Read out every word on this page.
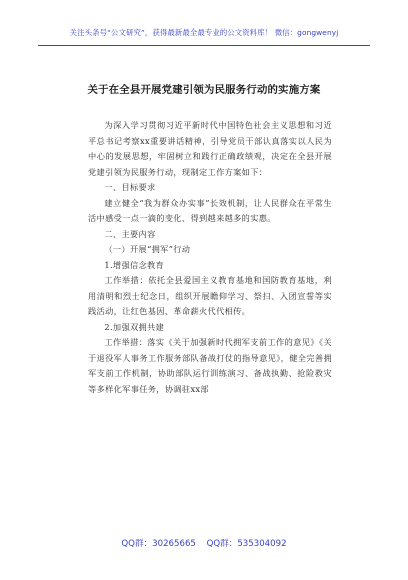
关注头条号“公文研究”，获得最新最全最专业的公文资料库！ 微信：gongwenyj
关于在全县开展党建引领为民服务行动的实施方案

为深入学习贯彻习近平新时代中国特色社会主义思想和习近平总书记考察xx重要讲话精神，引导党员干部认真落实以人民为中心的发展思想，牢固树立和践行正确政绩观，决定在全县开展党建引领为民服务行动，现制定工作方案如下：

一、目标要求

建立健全“我为群众办实事”长效机制，让人民群众在平常生活中感受一点一滴的变化、得到越来越多的实惠。

二、主要内容

（一）开展“拥军”行动

1.增强信念教育

工作举措：依托全县爱国主义教育基地和国防教育基地，利用清明和烈士纪念日，组织开展瞻仰学习、祭扫、入团宣誓等实践活动，让红色基因、革命薪火代代相传。

2.加强双拥共建

工作举措：落实《关于加强新时代拥军支前工作的意见》《关于退役军人事务工作服务部队备战打仗的指导意见》，健全完善拥军支前工作机制，协助部队运行训练演习、备战执勤、抢险救灾等多样化军事任务，协调驻xx部

QQ群：30265665 QQ群：535304092
